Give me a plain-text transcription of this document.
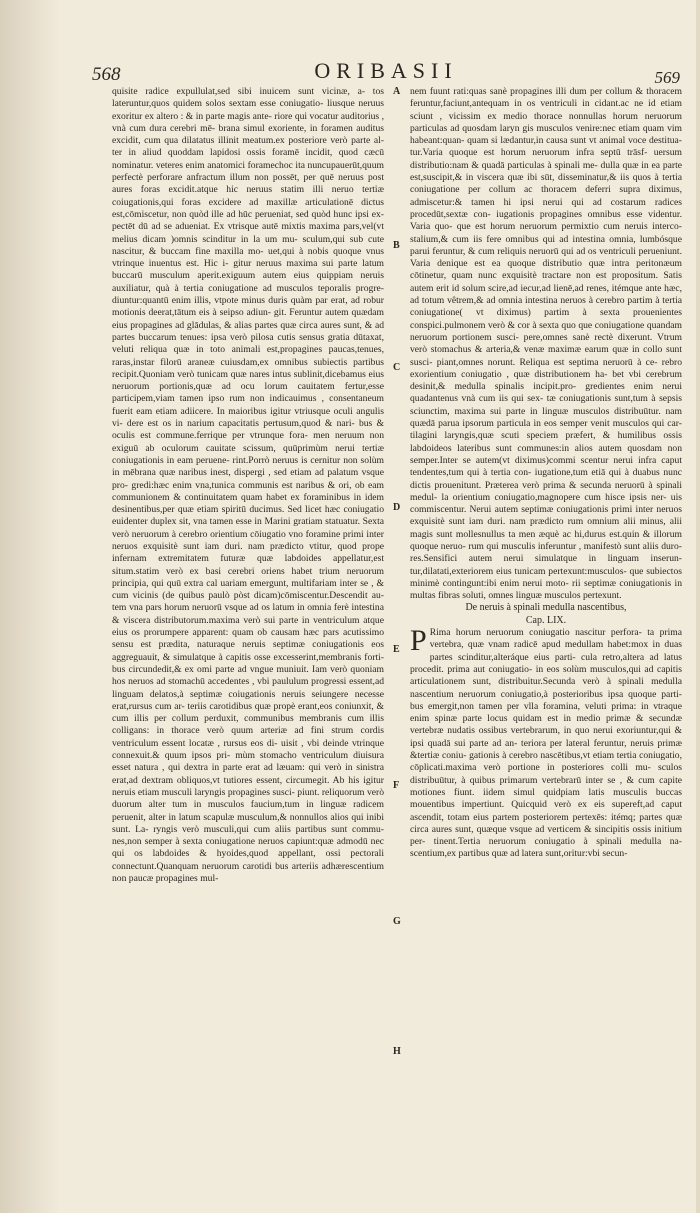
568	ORIBASII	569

quisite radice expullulat,sed sibi inuicem sunt vicinæ, a- tos lateruntur,quos quidem solos sextam esse coniugatio- liusque neruus exoritur ex altero : & in parte magis ante- riore qui vocatur auditorius , vnà cum dura cerebri mē- brana simul exoriente, in foramen auditus excidit, cum qua dilatatus illinit meatum.ex posteriore verò parte al- ter in aliud quoddam lapidosi ossis foramē incidit, quod cæcū nominatur. veteres enim anatomici foramechoc ita nuncupauerūt,quum perfectè perforare anfractum illum non possēt, per quē neruus post aures foras excidit.atque hic neruus statim illi neruo tertiæ coiugationis,qui foras excidere ad maxillæ articulationē dictus est,cōmiscetur, non quòd ille ad hūc perueniat, sed quòd hunc ipsi ex- pectēt dū ad se adueniat. Ex vtrisque autē mixtis maxima pars,vel(vt melius dicam )omnis scinditur in la um mu- sculum,qui sub cute nascitur, & buccam fine maxilla mo- uet,qui à nobis quoque vnus vtrinque inuentus est. Hic i- gitur neruus maxima sui parte latum buccarū musculum aperit.exiguum autem eius quippiam neruis auxiliatur, quà à tertia coniugatione ad musculos teporalis progre- diuntur:quantū enim illis, vtpote minus duris quàm par erat, ad robur motionis deerat,tātum eis à seipso adiun- git. Feruntur autem quædam eius propagines ad glādulas, & alias partes quæ circa aures sunt, & ad partes buccarum tenues: ipsa verò pilosa cutis sensus gratia dūtaxat, veluti reliqua quæ in toto animali est,propagines paucas,tenues, raras,instar filorū araneæ cuiusdam,ex omnibus subiectis partibus recipit.Quoniam verò tunicam quæ nares intus sublinit,dicebamus eius neruorum portionis,quæ ad ocu lorum cauitatem fertur,esse participem,viam tamen ipso rum non indicauimus , consentaneum fuerit eam etiam adiicere. In maioribus igitur vtriusque oculi angulis vi- dere est os in narium capacitatis pertusum,quod & nari- bus & oculis est commune.ferrique per vtrunque fora- men neruum non exiguū ab oculorum cauitate scissum, quūprimùm nerui tertiæ coniugationis in eam peruene- rint.Porrò neruus is cernitur non solùm in mēbrana quæ naribus inest, dispergi , sed etiam ad palatum vsque pro- gredi:hæc enim vna,tunica communis est naribus & ori, ob eam communionem & continuitatem quam habet ex foraminibus in idem desinentibus,per quæ etiam spiritū ducimus. Sed licet hæc coniugatio euidenter duplex sit, vna tamen esse in Marini gratiam statuatur. Sexta verò neruorum à cerebro orientium cōiugatio vno foramine primi inter neruos exquisitè sunt iam duri. nam prædicto vtitur, quod prope infernam extremitatem futuræ quæ labdoides appellatur,est situm.statim verò ex basi cerebri oriens habet trium neruorum principia, qui quū extra cal uariam emergunt, multifariam inter se , & cum vicinis (de quibus paulò pòst dicam)cōmiscentur.Descendit au- tem vna pars horum neruorū vsque ad os latum in omnia ferè intestina & viscera distributorum.maxima verò sui parte in ventriculum atque eius os prorumpere apparent: quam ob causam hæc pars acutissimo sensu est prædita, naturaque neruis septimæ coniugationis eos aggreguauit, & simulatque à capitis osse excesserint,membranis forti- bus circundedit,& ex omi parte ad vngue muniuit. Iam verò quoniam hos neruos ad stomachū accedentes , vbi paululum progressi essent,ad linguam delatos,à septimæ coiugationis neruis seiungere necesse erat,rursus cum ar- teriis carotidibus quæ propè erant,eos coniunxit, & cum illis per collum perduxit, communibus membranis cum illis colligans: in thorace verò quum arteriæ ad fini strum cordis ventriculum essent locatæ , rursus eos di- uisit , vbi deinde vtrinque connexuit.& quum ipsos pri- mùm stomacho ventriculum diuisura esset natura , qui dextra in parte erat ad læuam: qui verò in sinistra erat,ad dextram obliquos,vt tutiores essent, circumegit. Ab his igitur neruis etiam musculi laryngis propagines susci- piunt. reliquorum verò duorum alter tum in musculos faucium,tum in linguæ radicem peruenit, alter in latum scapulæ musculum,& nonnullos alios qui inibi sunt. La- ryngis verò musculi,qui cum aliis partibus sunt commu- nes,non semper à sexta coniugatione neruos capiunt:quæ admodū nec qui os labdoides & hyoides,quod appellant, ossi pectorali connectunt.Quanquam neruorum carotidi bus arteriis adhærescentium non paucæ propagines mul-

A
B
C
D
E
F
G
H

nem fuunt rati:quas sanè propagines illi dum per collum & thoracem feruntur,faciunt,antequam in os ventriculi in cidant.ac ne id etiam sciunt , vicissim ex medio thorace nonnullas horum neruorum particulas ad quosdam laryn gis musculos venire:nec etiam quam vim habeant:quan- quam si lædantur,in causa sunt vt animal voce destitua- tur.Varia quoque est horum neruorum infra septū trāsf- uersum distributio:nam & quadā particulas à spinali me- dulla quæ in ea parte est,suscipit,& in viscera quæ ibi sūt, disseminatur,& iis quos à tertia coniugatione per collum ac thoracem deferri supra diximus, admiscetur:& tamen hi ipsi nerui qui ad costarum radices procedūt,sextæ con- iugationis propagines omnibus esse videntur. Varia quo- que est horum neruorum permixtio cum neruis interco- stalium,& cum iis fere omnibus qui ad intestina omnia, lumbósque parui feruntur, & cum reliquis neruorū qui ad os ventriculi perueniunt. Varia denique est ea quoque distributio quæ intra peritonæum cōtinetur, quam nunc exquisitè tractare non est propositum. Satis autem erit id solum scire,ad iecur,ad lienē,ad renes, itémque ante hæc, ad totum vêtrem,& ad omnia intestina neruos à cerebro partim à tertia coniugatione( vt diximus) partim à sexta prouenientes conspici.pulmonem verò & cor à sexta quo que coniugatione quandam neruorum portionem susci- pere,omnes sanè rectè dixerunt. Vtrum verò stomachus & arteria,& venæ maximæ earum quæ in collo sunt susci- piant,omnes norunt. Reliqua est septima neruorū à ce- rebro exorientium coniugatio , quæ distributionem ha- bet vbi cerebrum desinit,& medulla spinalis incipit.pro- gredientes enim nerui quadantenus vnà cum iis qui sex- tæ coniugationis sunt,tum à sepsis sciunctim, maxima sui parte in linguæ musculos distribuūtur. nam quædā parua ipsorum particula in eos semper venit musculos qui car- tilagini laryngis,quæ scuti speciem præfert, & humilibus ossis labdoideos lateribus sunt communes:in alios autem quosdam non semper.Inter se autem(vt diximus)commi scentur nerui infra caput tendentes,tum qui à tertia con- iugatione,tum etiā qui à duabus nunc dictis prouenitunt. Præterea verò prima & secunda neruorū à spinali medul- la orientium coniugatio,magnopere cum hisce ipsis ner- uis commiscentur. Nerui autem septimæ coniugationis primi inter neruos exquisitè sunt iam duri. nam prædicto rum omnium alii minus, alii magis sunt mollesnullus ta men æquè ac hi,durus est.quin & illorum quoque neruo- rum qui musculis inferuntur , manifestò sunt aliis duro- res.Sensifici autem nerui simulatque in linguam inserun- tur,dilatati,exteriorem eius tunicam pertexunt:musculos- que subiectos minimè contingunt:ibi enim nerui moto- rii septimæ coniugationis in multas fibras soluti, omnes linguæ musculos pertexunt.

De neruis à spinali medulla nascentibus,

Cap. LIX.

P Rima horum neruorum coniugatio nascitur perfora- ta prima vertebra, quæ vnam radicē apud medullam habet:mox in duas partes scinditur,alteráque eius parti- cula retro,altera ad latus procedit. prima aut coniugatio- in eos solùm musculos,qui ad capitis articulationem sunt, distribuitur.Secunda verò à spinali medulla nascentium neruorum coniugatio,à posterioribus ipsa quoque parti- bus emergit,non tamen per vlla foramina, veluti prima: in vtraque enim spinæ parte locus quidam est in medio primæ & secundæ vertebræ nudatis ossibus vertebrarum, in quo nerui exoriuntur,qui & ipsi quadā sui parte ad an- teriora per lateral feruntur, neruis primæ &tertiæ coniu- gationis à cerebro nascētibus,vt etiam tertia coniugatio, cōplicati.maxima verò portione in posteriores colli mu- sculos distribuūtur, à quibus primarum vertebrarū inter se , & cum capite motiones fiunt. iidem simul quidpiam latis musculis buccas mouentibus impertiunt. Quicquid verò ex eis supereft,ad caput ascendit, totam eius partem posteriorem pertexēs: itémq; partes quæ circa aures sunt, quæque vsque ad verticem & sincipitis ossis initium per- tinent.Tertia neruorum coniugatio à spinali medulla na- scentium,ex partibus quæ ad latera sunt,oritur:vbi secun-
